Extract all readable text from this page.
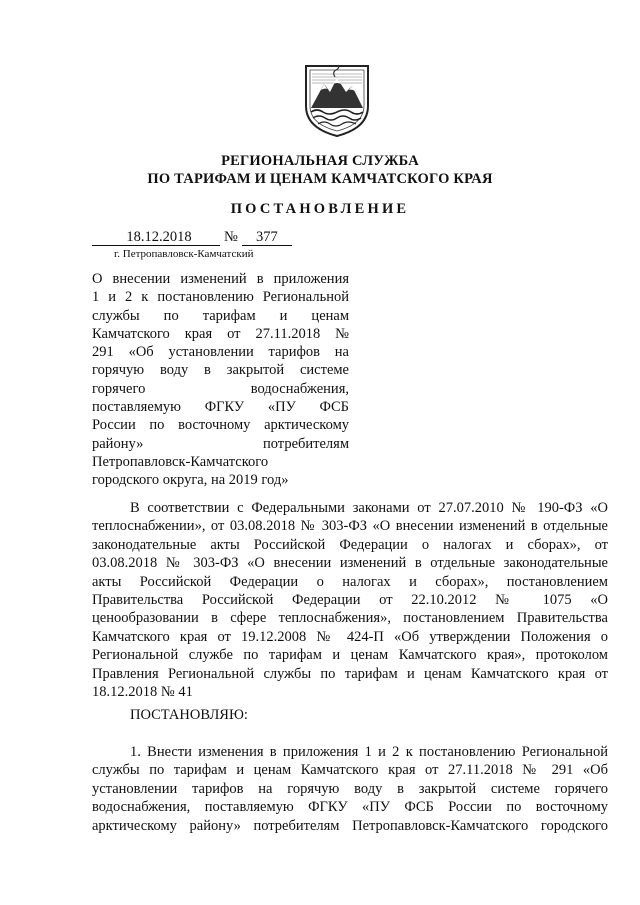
РЕГИОНАЛЬНАЯ СЛУЖБА
ПО ТАРИФАМ И ЦЕНАМ КАМЧАТСКОГО КРАЯ
ПОСТАНОВЛЕНИЕ
18.12.2018 № 377
г. Петропавловск-Камчатский
О внесении изменений в приложения
1 и 2 к постановлению Региональной
службы по тарифам и ценам
Камчатского края от 27.11.2018 №
291 «Об установлении тарифов на
горячую воду в закрытой системе
горячего водоснабжения,
поставляемую ФГКУ «ПУ ФСБ
России по восточному арктическому
району» потребителям
Петропавловск-Камчатского
городского округа, на 2019 год»
В соответствии с Федеральными законами от 27.07.2010 № 190-ФЗ «О
теплоснабжении», от 03.08.2018 № 303-ФЗ «О внесении изменений в отдельные
законодательные акты Российской Федерации о налогах и сборах», от
03.08.2018 № 303-ФЗ «О внесении изменений в отдельные законодательные
акты Российской Федерации о налогах и сборах», постановлением
Правительства Российской Федерации от 22.10.2012 № 1075 «О
ценообразовании в сфере теплоснабжения», постановлением Правительства
Камчатского края от 19.12.2008 № 424-П «Об утверждении Положения о
Региональной службе по тарифам и ценам Камчатского края», протоколом
Правления Региональной службы по тарифам и ценам Камчатского края от
18.12.2018 № 41
ПОСТАНОВЛЯЮ:
1. Внести изменения в приложения 1 и 2 к постановлению Региональной
службы по тарифам и ценам Камчатского края от 27.11.2018 № 291 «Об
установлении тарифов на горячую воду в закрытой системе горячего
водоснабжения, поставляемую ФГКУ «ПУ ФСБ России по восточному
арктическому району» потребителям Петропавловск-Камчатского городского
